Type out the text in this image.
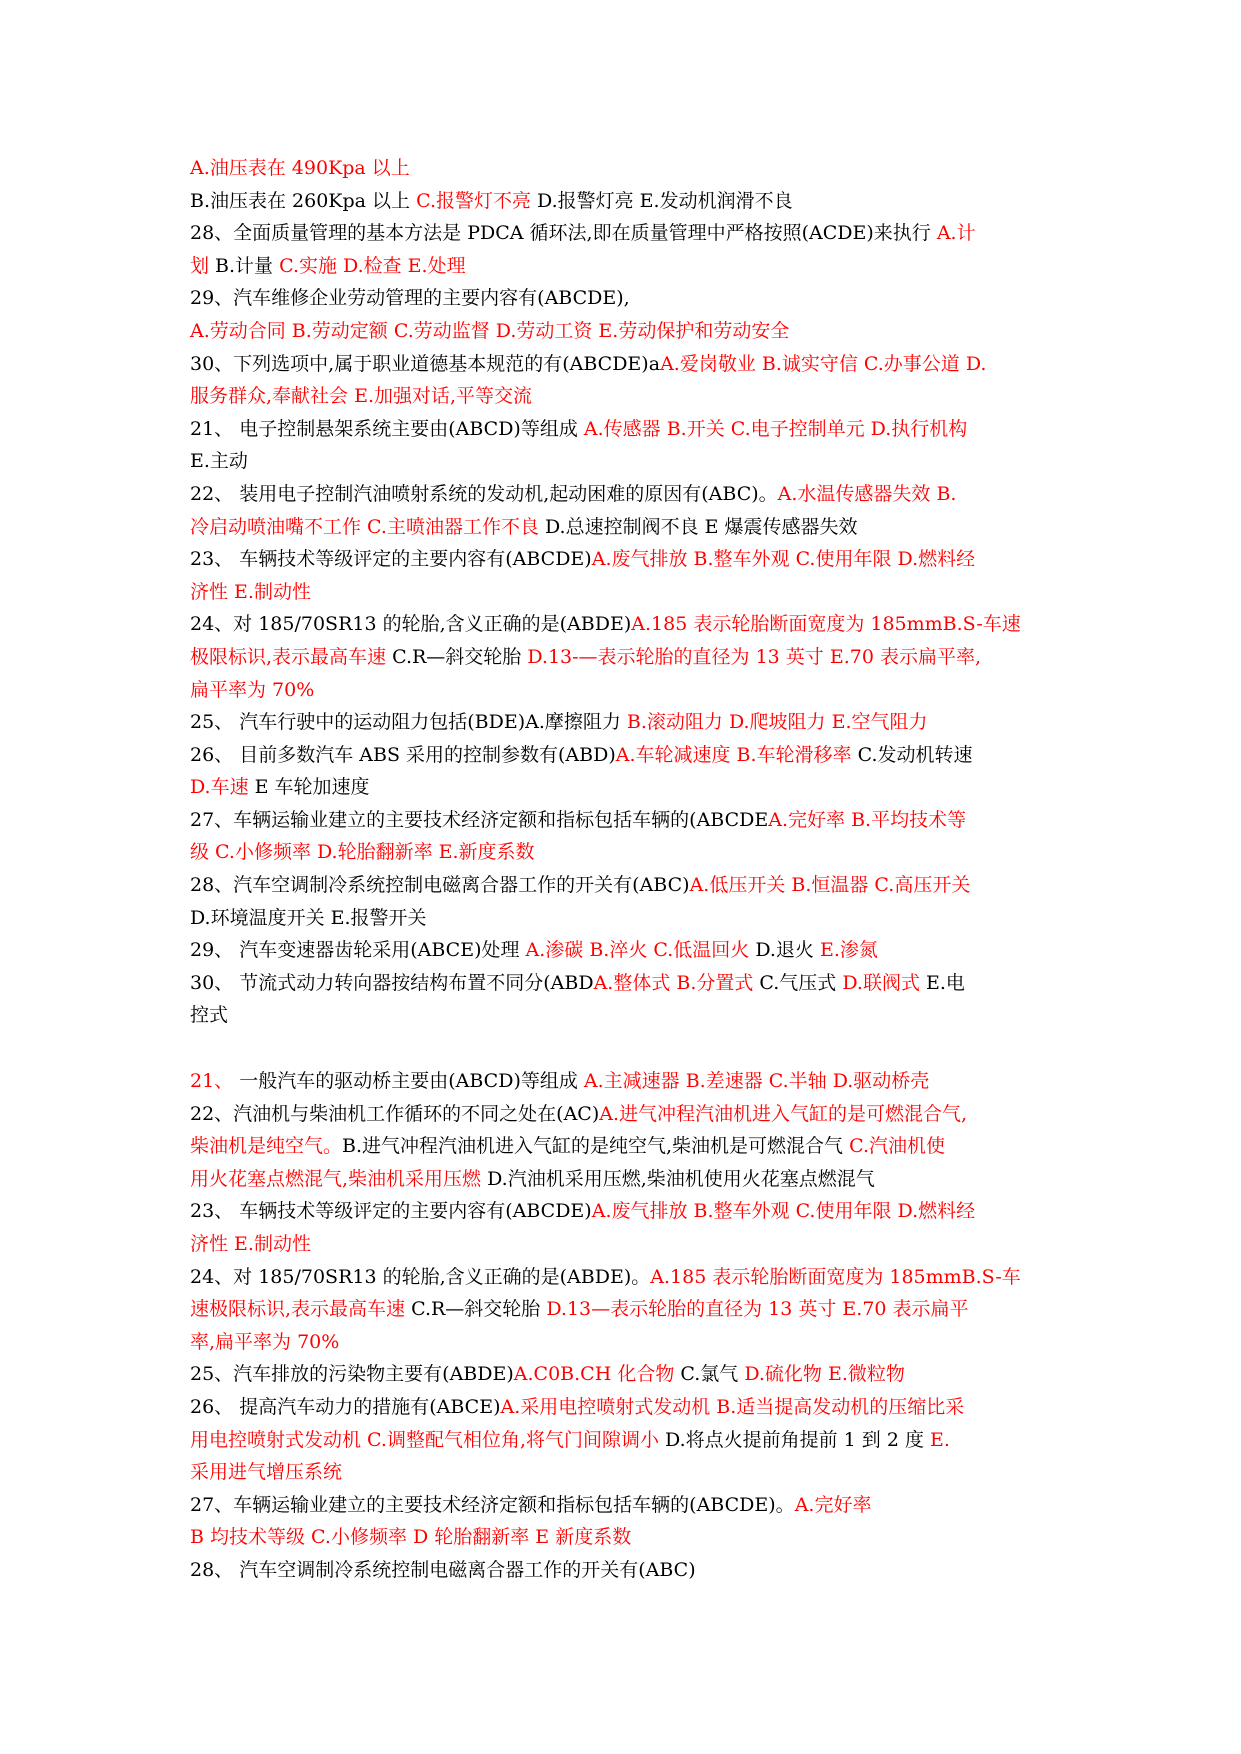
A.油压表在 490Kpa 以上
B.油压表在 260Kpa 以上 C.报警灯不亮 D.报警灯亮 E.发动机润滑不良
28、全面质量管理的基本方法是 PDCA 循环法,即在质量管理中严格按照(ACDE)来执行 A.计
划 B.计量 C.实施 D.检查 E.处理
29、汽车维修企业劳动管理的主要内容有(ABCDE),
A.劳动合同 B.劳动定额 C.劳动监督 D.劳动工资 E.劳动保护和劳动安全
30、下列选项中,属于职业道德基本规范的有(ABCDE)aA.爱岗敬业 B.诚实守信 C.办事公道 D.
服务群众,奉献社会 E.加强对话,平等交流
21、 电子控制悬架系统主要由(ABCD)等组成 A.传感器 B.开关 C.电子控制单元 D.执行机构
E.主动
22、 装用电子控制汽油喷射系统的发动机,起动困难的原因有(ABC)。A.水温传感器失效 B.
冷启动喷油嘴不工作 C.主喷油器工作不良 D.总速控制阀不良 E 爆震传感器失效
23、 车辆技术等级评定的主要内容有(ABCDE)A.废气排放 B.整车外观 C.使用年限 D.燃料经
济性 E.制动性
24、对 185/70SR13 的轮胎,含义正确的是(ABDE)A.185 表示轮胎断面宽度为 185mmB.S-车速
极限标识,表示最高车速 C.R—斜交轮胎 D.13-—表示轮胎的直径为 13 英寸 E.70 表示扁平率,
扁平率为 70%
25、 汽车行驶中的运动阻力包括(BDE)A.摩擦阻力 B.滚动阻力 D.爬坡阻力 E.空气阻力
26、 目前多数汽车 ABS 采用的控制参数有(ABD)A.车轮减速度 B.车轮滑移率 C.发动机转速
D.车速 E 车轮加速度
27、车辆运输业建立的主要技术经济定额和指标包括车辆的(ABCDEA.完好率 B.平均技术等
级 C.小修频率 D.轮胎翻新率 E.新度系数
28、汽车空调制冷系统控制电磁离合器工作的开关有(ABC)A.低压开关 B.恒温器 C.高压开关
D.环境温度开关 E.报警开关
29、 汽车变速器齿轮采用(ABCE)处理 A.渗碳 B.淬火 C.低温回火 D.退火 E.渗氮
30、 节流式动力转向器按结构布置不同分(ABDA.整体式 B.分置式 C.气压式 D.联阀式 E.电
控式
21、 一般汽车的驱动桥主要由(ABCD)等组成 A.主减速器 B.差速器 C.半轴 D.驱动桥壳
22、汽油机与柴油机工作循环的不同之处在(AC)A.进气冲程汽油机进入气缸的是可燃混合气,
柴油机是纯空气。B.进气冲程汽油机进入气缸的是纯空气,柴油机是可燃混合气 C.汽油机使
用火花塞点燃混气,柴油机采用压燃 D.汽油机采用压燃,柴油机使用火花塞点燃混气
23、 车辆技术等级评定的主要内容有(ABCDE)A.废气排放 B.整车外观 C.使用年限 D.燃料经
济性 E.制动性
24、对 185/70SR13 的轮胎,含义正确的是(ABDE)。A.185 表示轮胎断面宽度为 185mmB.S-车
速极限标识,表示最高车速 C.R—斜交轮胎 D.13—表示轮胎的直径为 13 英寸 E.70 表示扁平
率,扁平率为 70%
25、汽车排放的污染物主要有(ABDE)A.C0B.CH 化合物 C.氯气 D.硫化物 E.微粒物
26、 提高汽车动力的措施有(ABCE)A.采用电控喷射式发动机 B.适当提高发动机的压缩比采
用电控喷射式发动机 C.调整配气相位角,将气门间隙调小 D.将点火提前角提前 1 到 2 度 E.
采用进气增压系统
27、车辆运输业建立的主要技术经济定额和指标包括车辆的(ABCDE)。A.完好率
B 均技术等级 C.小修频率 D 轮胎翻新率 E 新度系数
28、 汽车空调制冷系统控制电磁离合器工作的开关有(ABC)
